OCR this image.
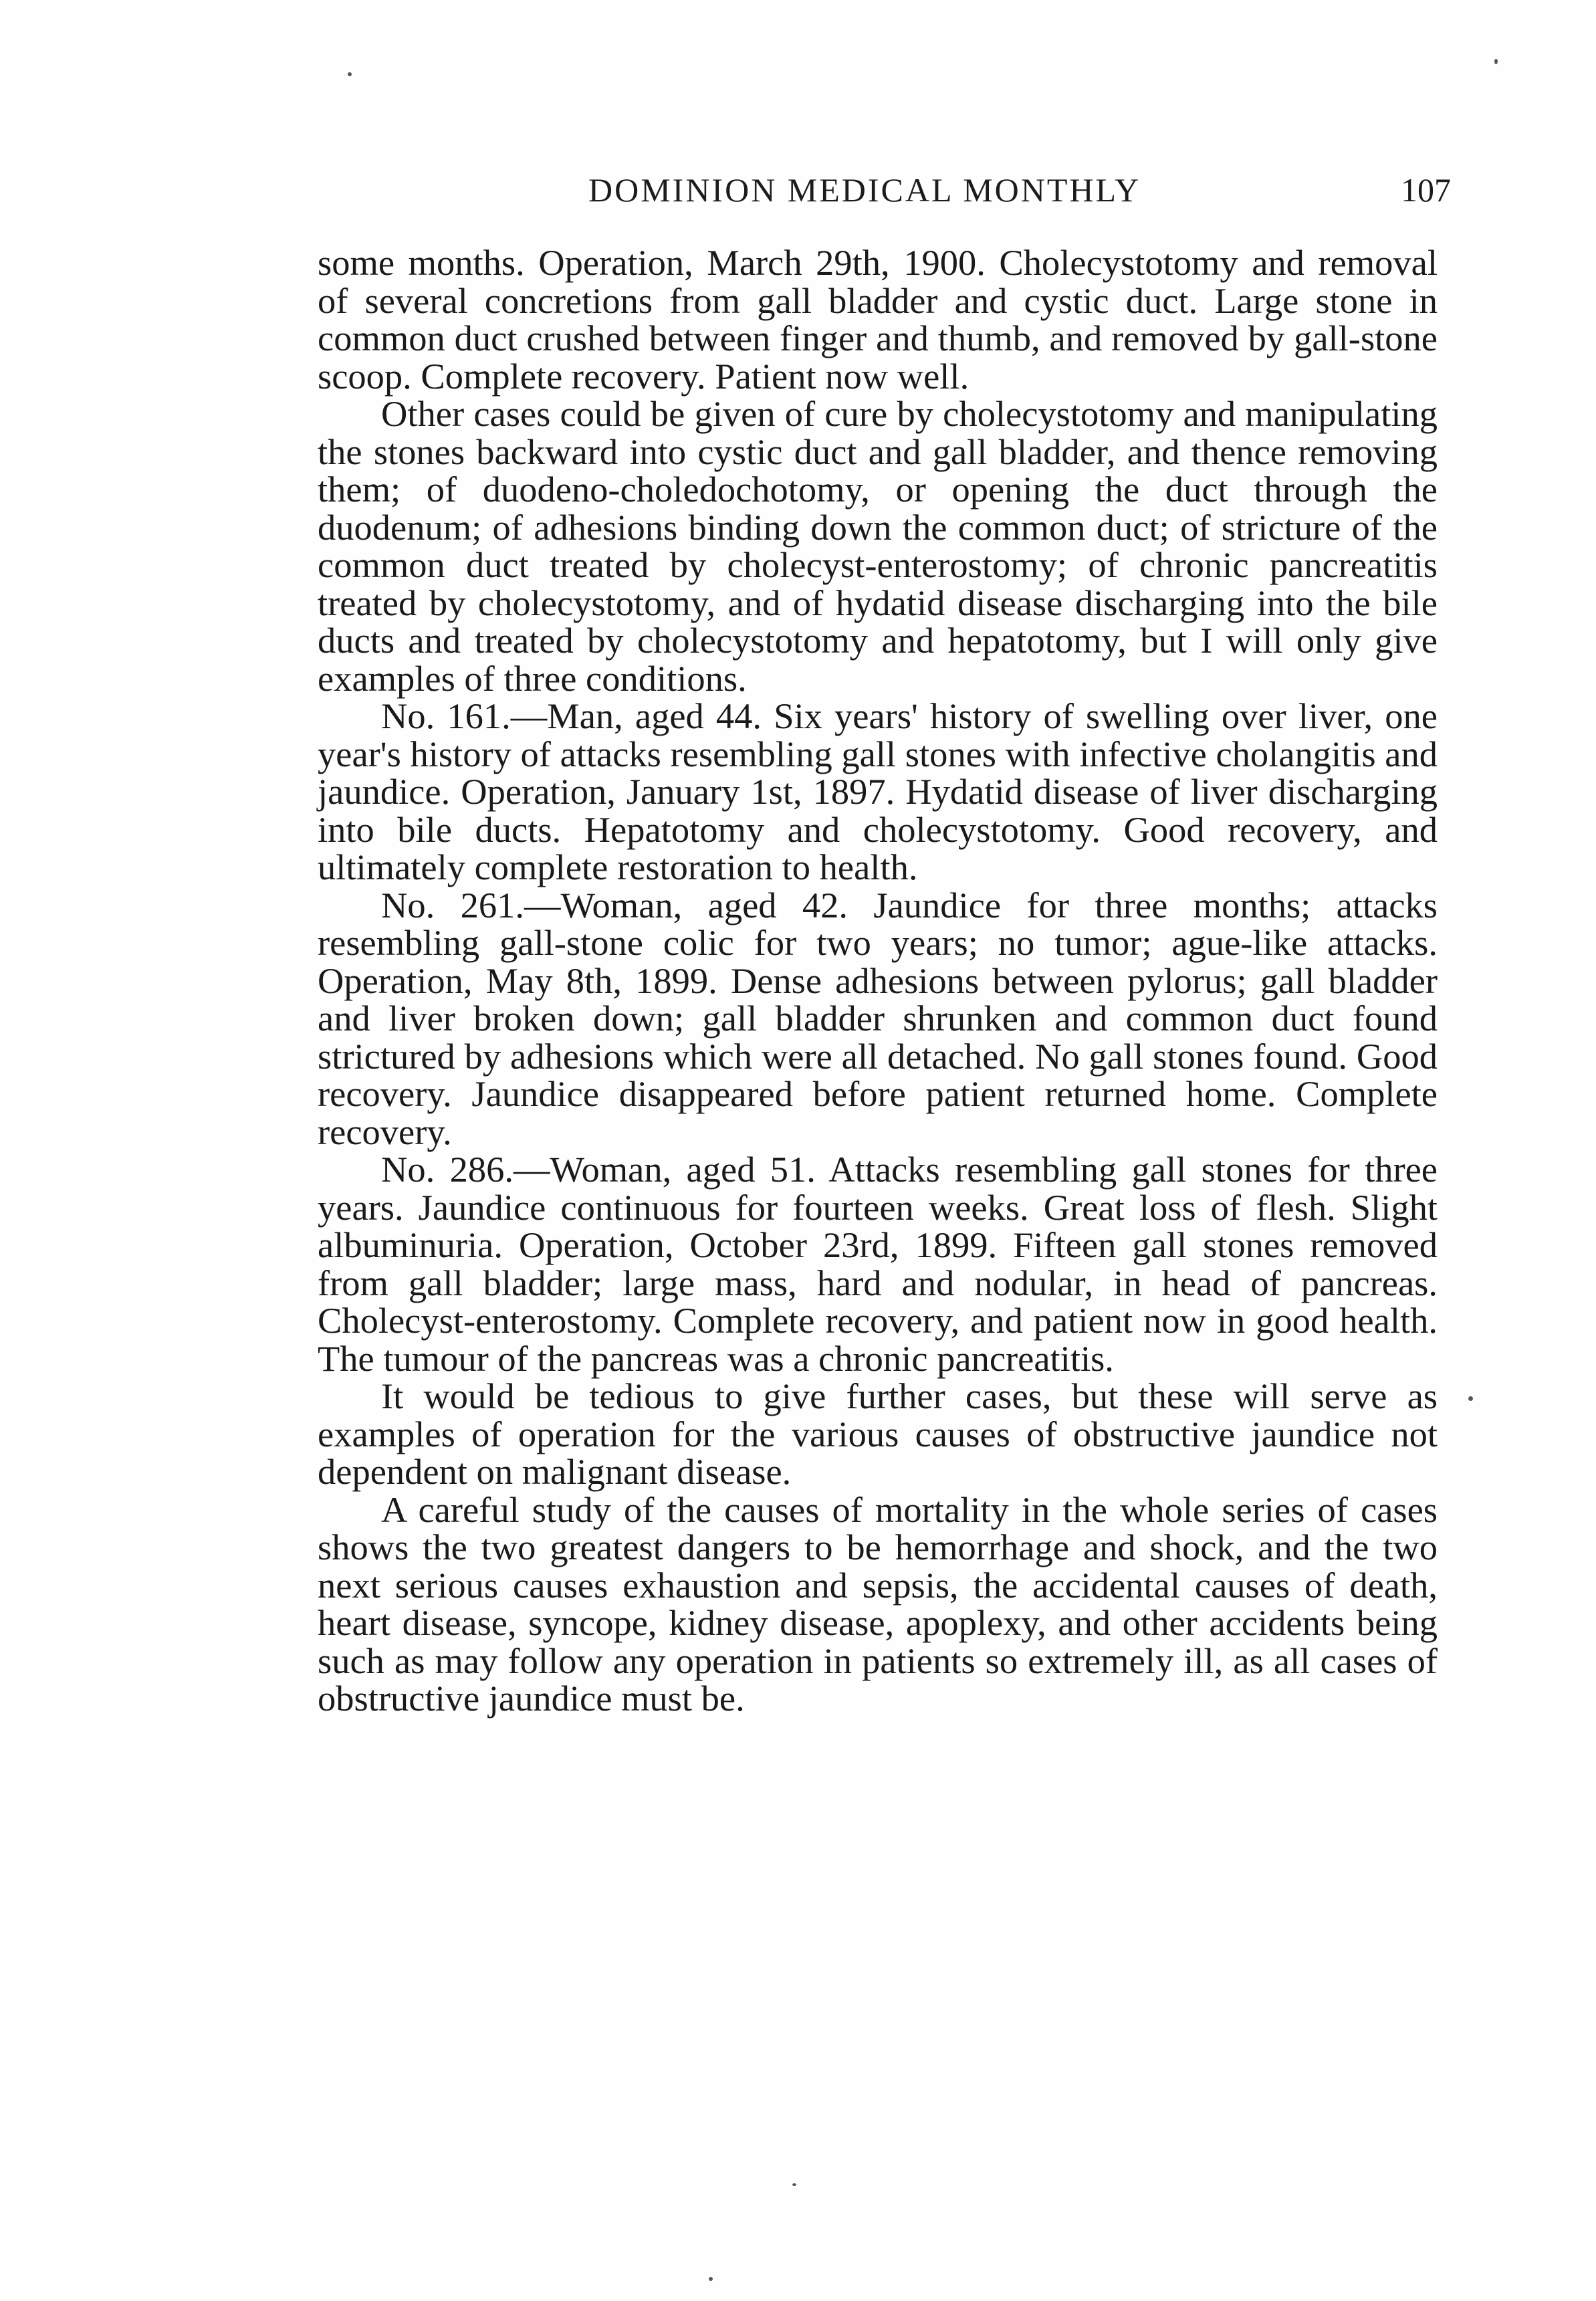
DOMINION MEDICAL MONTHLY	107

some months. Operation, March 29th, 1900. Cholecystotomy and removal of several concretions from gall bladder and cystic duct. Large stone in common duct crushed between finger and thumb, and removed by gall-stone scoop. Complete recovery. Patient now well.

Other cases could be given of cure by cholecystotomy and manipulating the stones backward into cystic duct and gall bladder, and thence removing them; of duodeno-choledochotomy, or opening the duct through the duodenum; of adhesions binding down the common duct; of stricture of the common duct treated by cholecyst-enterostomy; of chronic pancreatitis treated by cholecystotomy, and of hydatid disease discharging into the bile ducts and treated by cholecystotomy and hepatotomy, but I will only give examples of three conditions.

No. 161.—Man, aged 44. Six years' history of swelling over liver, one year's history of attacks resembling gall stones with infective cholangitis and jaundice. Operation, January 1st, 1897. Hydatid disease of liver discharging into bile ducts. Hepatotomy and cholecystotomy. Good recovery, and ultimately complete restoration to health.

No. 261.—Woman, aged 42. Jaundice for three months; attacks resembling gall-stone colic for two years; no tumor; ague-like attacks. Operation, May 8th, 1899. Dense adhesions between pylorus; gall bladder and liver broken down; gall bladder shrunken and common duct found strictured by adhesions which were all detached. No gall stones found. Good recovery. Jaundice disappeared before patient returned home. Complete recovery.

No. 286.—Woman, aged 51. Attacks resembling gall stones for three years. Jaundice continuous for fourteen weeks. Great loss of flesh. Slight albuminuria. Operation, October 23rd, 1899. Fifteen gall stones removed from gall bladder; large mass, hard and nodular, in head of pancreas. Cholecyst-enterostomy. Complete recovery, and patient now in good health. The tumour of the pancreas was a chronic pancreatitis.

It would be tedious to give further cases, but these will serve as examples of operation for the various causes of obstructive jaundice not dependent on malignant disease.

A careful study of the causes of mortality in the whole series of cases shows the two greatest dangers to be hemorrhage and shock, and the two next serious causes exhaustion and sepsis, the accidental causes of death, heart disease, syncope, kidney disease, apoplexy, and other accidents being such as may follow any operation in patients so extremely ill, as all cases of obstructive jaundice must be.
